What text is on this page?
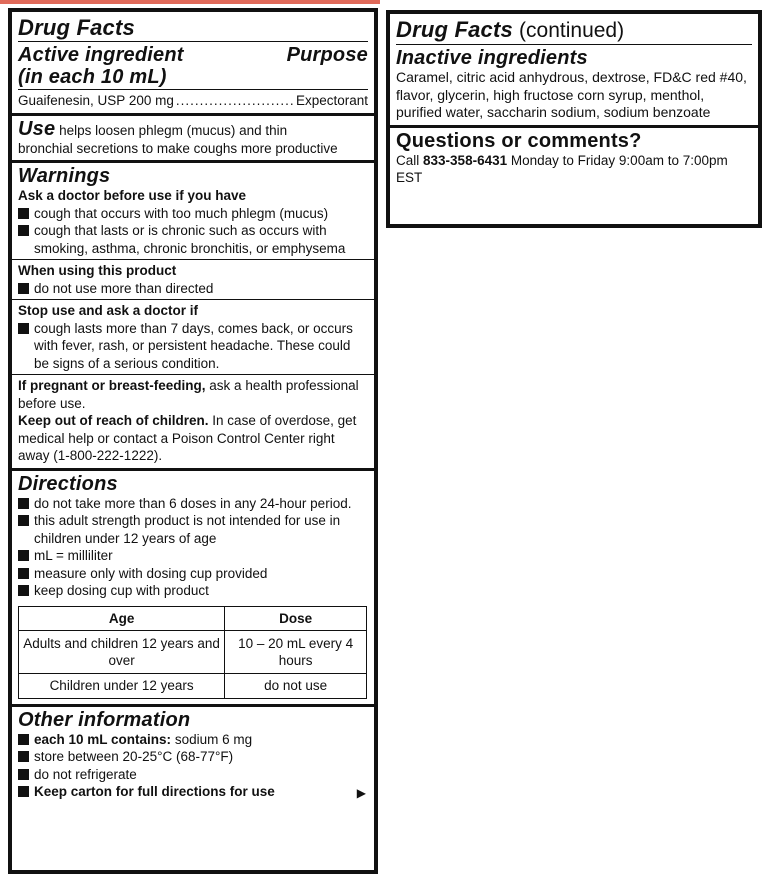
Drug Facts
Active ingredient	Purpose
(in each 10 mL)
Guaifenesin, USP 200 mg .....	Expectorant
Use helps loosen phlegm (mucus) and thin
bronchial secretions to make coughs more productive
Warnings
Ask a doctor before use if you have
cough that occurs with too much phlegm (mucus)
cough that lasts or is chronic such as occurs with smoking, asthma, chronic bronchitis, or emphysema
When using this product
do not use more than directed
Stop use and ask a doctor if
cough lasts more than 7 days, comes back, or occurs with fever, rash, or persistent headache. These could be signs of a serious condition.
If pregnant or breast-feeding, ask a health professional before use.
Keep out of reach of children. In case of overdose, get medical help or contact a Poison Control Center right away (1-800-222-1222).
Directions
do not take more than 6 doses in any 24-hour period.
this adult strength product is not intended for use in children under 12 years of age
mL = milliliter
measure only with dosing cup provided
keep dosing cup with product
Age	Dose
Adults and children 12 years and over	10 – 20 mL every 4 hours
Children under 12 years	do not use
Other information
each 10 mL contains: sodium 6 mg
store between 20-25°C (68-77°F)
do not refrigerate
Keep carton for full directions for use	▶
Drug Facts (continued)
Inactive ingredients
Caramel, citric acid anhydrous, dextrose, FD&C red #40, flavor, glycerin, high fructose corn syrup, menthol, purified water, saccharin sodium, sodium benzoate
Questions or comments?
Call 833-358-6431 Monday to Friday 9:00am to 7:00pm EST
